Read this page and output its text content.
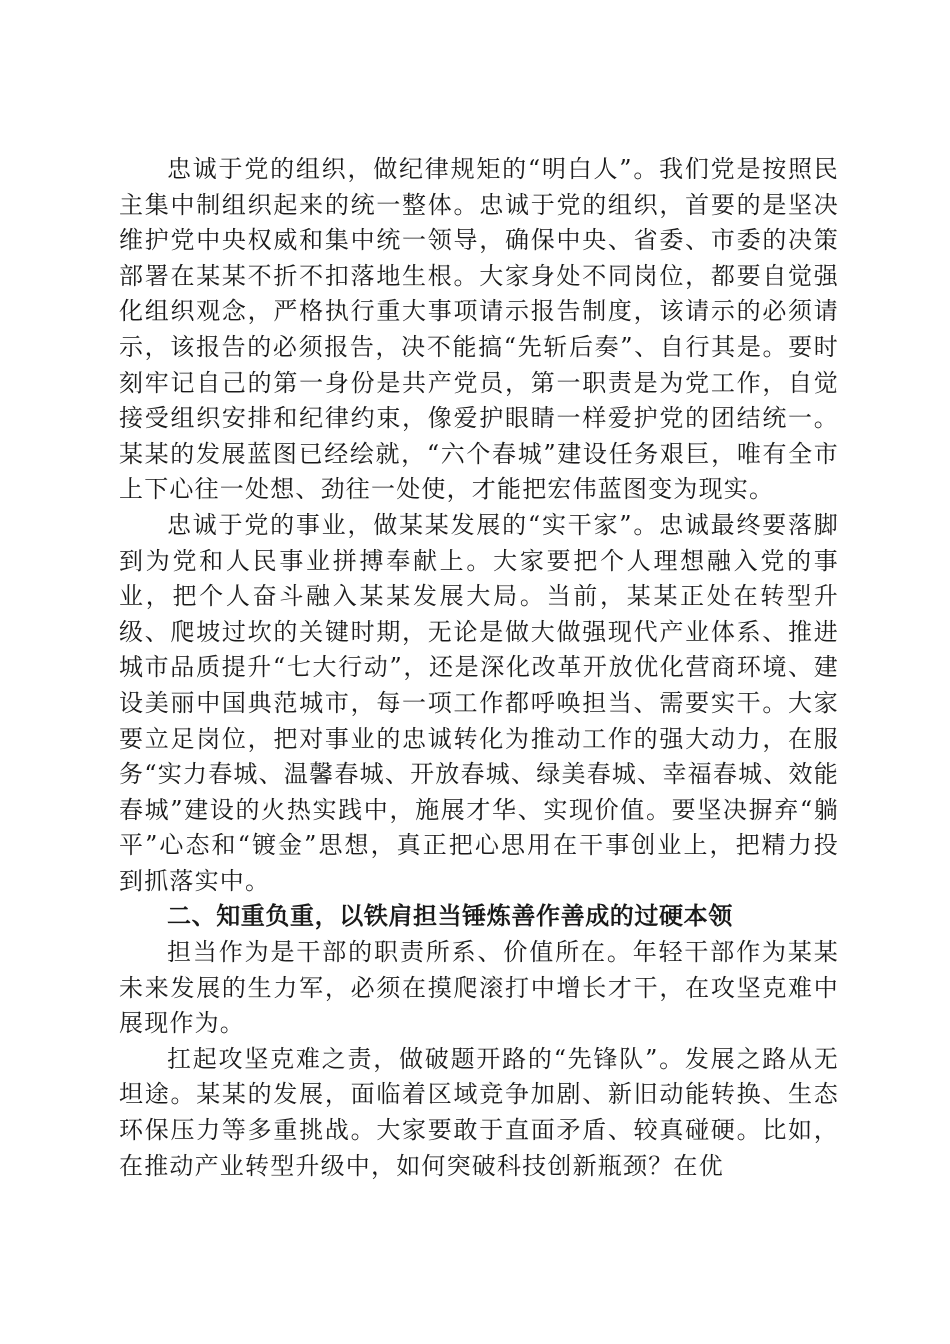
忠诚于党的组织，做纪律规矩的“明白人”。我们党是按照民主集中制组织起来的统一整体。忠诚于党的组织，首要的是坚决维护党中央权威和集中统一领导，确保中央、省委、市委的决策部署在某某不折不扣落地生根。大家身处不同岗位，都要自觉强化组织观念，严格执行重大事项请示报告制度，该请示的必须请示，该报告的必须报告，决不能搞“先斩后奏”、自行其是。要时刻牢记自己的第一身份是共产党员，第一职责是为党工作，自觉接受组织安排和纪律约束，像爱护眼睛一样爱护党的团结统一。某某的发展蓝图已经绘就，“六个春城”建设任务艰巨，唯有全市上下心往一处想、劲往一处使，才能把宏伟蓝图变为现实。

忠诚于党的事业，做某某发展的“实干家”。忠诚最终要落脚到为党和人民事业拼搏奉献上。大家要把个人理想融入党的事业，把个人奋斗融入某某发展大局。当前，某某正处在转型升级、爬坡过坎的关键时期，无论是做大做强现代产业体系、推进城市品质提升“七大行动”，还是深化改革开放优化营商环境、建设美丽中国典范城市，每一项工作都呼唤担当、需要实干。大家要立足岗位，把对事业的忠诚转化为推动工作的强大动力，在服务“实力春城、温馨春城、开放春城、绿美春城、幸福春城、效能春城”建设的火热实践中，施展才华、实现价值。要坚决摒弃“躺平”心态和“镀金”思想，真正把心思用在干事创业上，把精力投到抓落实中。

二、知重负重，以铁肩担当锤炼善作善成的过硬本领

担当作为是干部的职责所系、价值所在。年轻干部作为某某未来发展的生力军，必须在摸爬滚打中增长才干，在攻坚克难中展现作为。

扛起攻坚克难之责，做破题开路的“先锋队”。发展之路从无坦途。某某的发展，面临着区域竞争加剧、新旧动能转换、生态环保压力等多重挑战。大家要敢于直面矛盾、较真碰硬。比如，在推动产业转型升级中，如何突破科技创新瓶颈？在优
